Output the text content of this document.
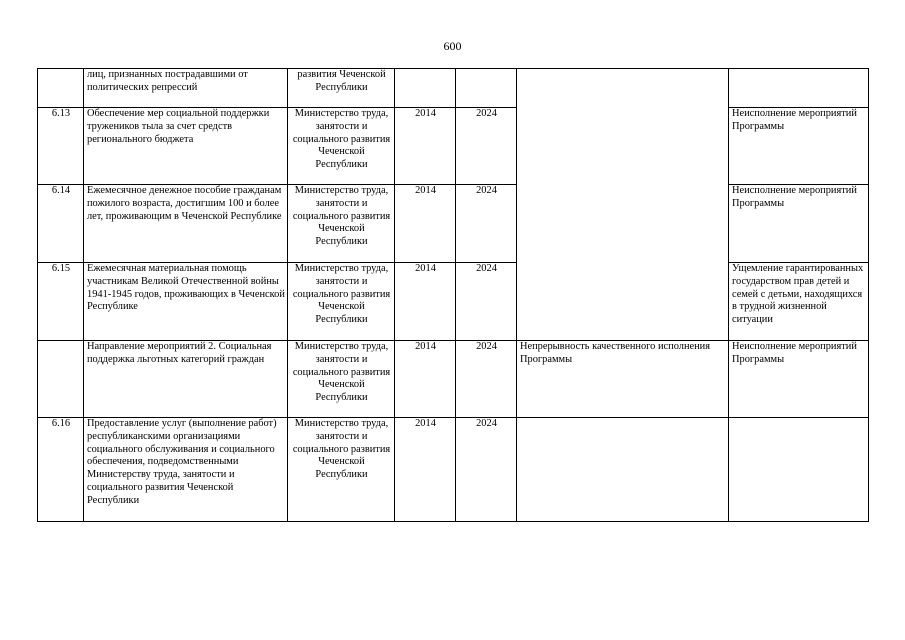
600
	лиц, признанных пострадавшими от политических репрессий	развития Чеченской Республики				
6.13	Обеспечение мер социальной поддержки тружеников тыла за счет средств регионального бюджета	Министерство труда, занятости и социального развития Чеченской Республики	2014	2024		Неисполнение мероприятий Программы
6.14	Ежемесячное денежное пособие гражданам пожилого возраста, достигшим 100 и более лет, проживающим в Чеченской Республике	Министерство труда, занятости и социального развития Чеченской Республики	2014	2024		Неисполнение мероприятий Программы
6.15	Ежемесячная материальная помощь участникам Великой Отечественной войны 1941-1945 годов, проживающих в Чеченской Республике	Министерство труда, занятости и социального развития Чеченской Республики	2014	2024		Ущемление гарантированных государством прав детей и семей с детьми, находящихся в трудной жизненной ситуации
	Направление мероприятий 2. Социальная поддержка льготных категорий граждан	Министерство труда, занятости и социального развития Чеченской Республики	2014	2024	Непрерывность качественного исполнения Программы	Неисполнение мероприятий Программы
6.16	Предоставление услуг (выполнение работ) республиканскими организациями социального обслуживания и социального обеспечения, подведомственными Министерству труда, занятости и социального развития Чеченской Республики	Министерство труда, занятости и социального развития Чеченской Республики	2014	2024		
